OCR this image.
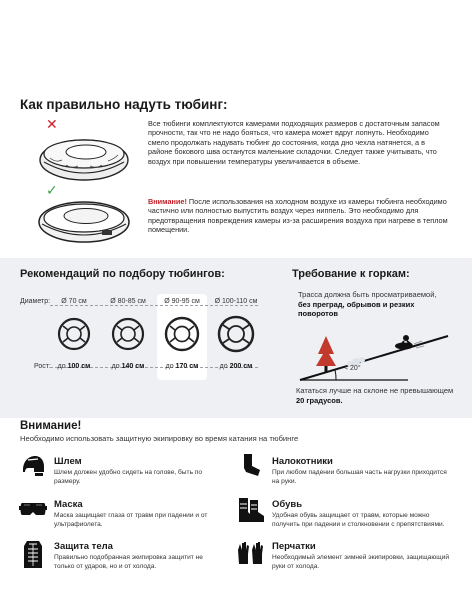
Как правильно надуть тюбинг:
✕
✓
Все тюбинги комплектуются камерами подходящих размеров с достаточным запасом прочности, так что не надо бояться, что камера может вдруг лопнуть. Необходимо смело продолжать надувать тюбинг до состояния, когда дно чехла натянется, а в районе бокового шва останутся маленькие складочки. Следует также учитывать, что воздух при повышении температуры увеличивается в объеме.
Внимание! После использования на холодном воздухе из камеры тюбинга необходимо частично или полностью выпустить воздух через ниппель. Это необходимо для предотвращения повреждения камеры из-за расширения воздуха при нагреве в теплом помещении.
Рекомендаций по подбору тюбингов:	Требование к горкам:
Диаметр:
Рост:
Ø 70 см	Ø 80-85 см	Ø 90-95 см	Ø 100-110 см
до 100 см	до 140 см	до 170 см	до 200 см
Трасса должна быть просматриваемой, без преград, обрывов и резких поворотов
< 20°
Кататься лучше на склоне не превышающем 20 градусов.
Внимание!
Необходимо использовать защитную экипировку во время катания на тюбинге
Шлем
Шлем должен удобно сидеть на голове, быть по размеру.
Налокотники
При любом падении большая часть нагрузки приходится на руки.
Маска
Маска защищает глаза от травм при падении и от ультрафиолета.
Обувь
Удобная обувь защищает от травм, которые можно получить при падении и столкновении с препятствиями.
Защита тела
Правильно подобранная экипировка защитит не только от ударов, но и от холода.
Перчатки
Необходимый элемент зимней экипировки, защищающий руки от холода.
